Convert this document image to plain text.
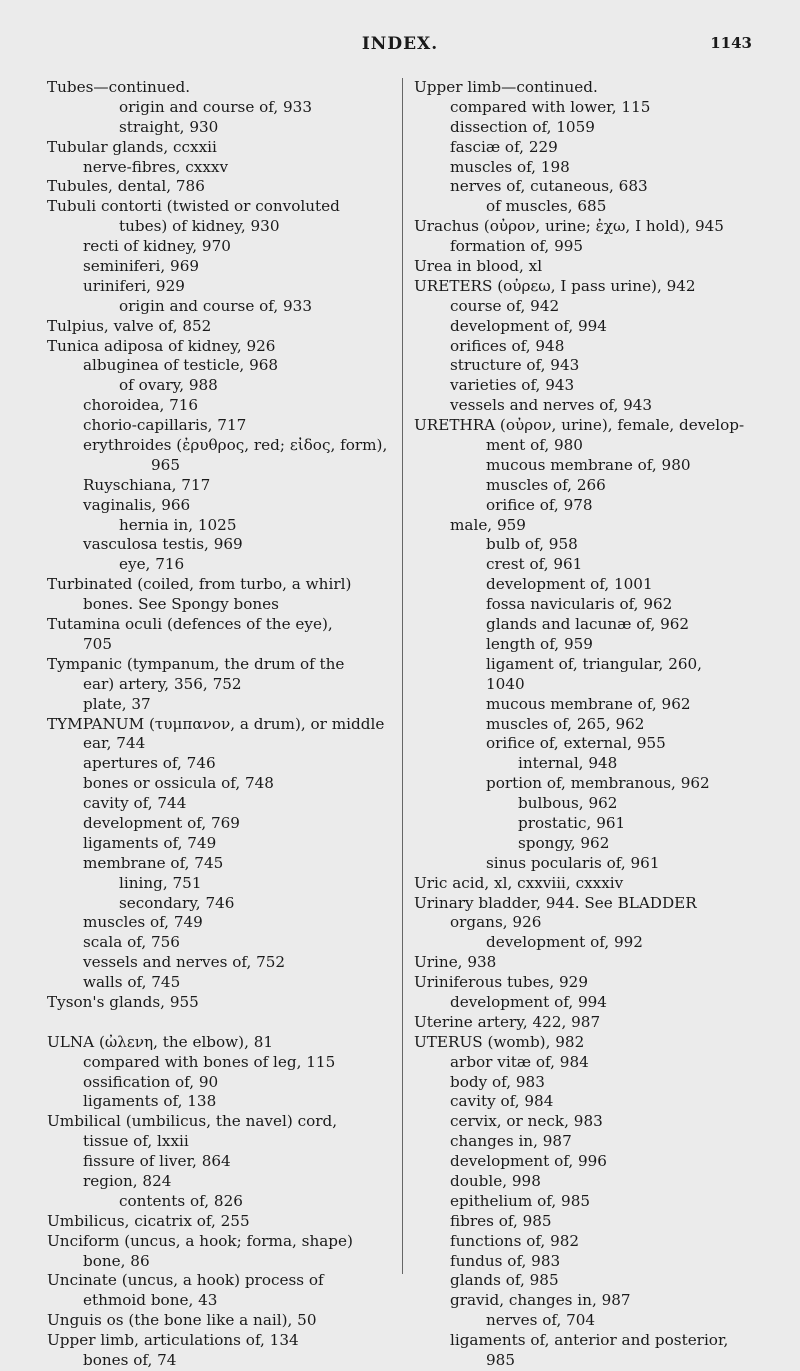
INDEX.	1143
Tubes—continued.
origin and course of, 933
straight, 930
Tubular glands, ccxxii
nerve-fibres, cxxxv
Tubules, dental, 786
Tubuli contorti (twisted or convoluted
tubes) of kidney, 930
recti of kidney, 970
seminiferi, 969
uriniferi, 929
origin and course of, 933
Tulpius, valve of, 852
Tunica adiposa of kidney, 926
albuginea of testicle, 968
of ovary, 988
choroidea, 716
chorio-capillaris, 717
erythroides (ἐρυθρος, red; εἰδος, form),
965
Ruyschiana, 717
vaginalis, 966
hernia in, 1025
vasculosa testis, 969
eye, 716
Turbinated (coiled, from turbo, a whirl)
bones. See Spongy bones
Tutamina oculi (defences of the eye),
705
Tympanic (tympanum, the drum of the
ear) artery, 356, 752
plate, 37
TYMPANUM (τυμπανον, a drum), or middle
ear, 744
apertures of, 746
bones or ossicula of, 748
cavity of, 744
development of, 769
ligaments of, 749
membrane of, 745
lining, 751
secondary, 746
muscles of, 749
scala of, 756
vessels and nerves of, 752
walls of, 745
Tyson's glands, 955
ULNA (ὠλενη, the elbow), 81
compared with bones of leg, 115
ossification of, 90
ligaments of, 138
Umbilical (umbilicus, the navel) cord,
tissue of, lxxii
fissure of liver, 864
region, 824
contents of, 826
Umbilicus, cicatrix of, 255
Unciform (uncus, a hook; forma, shape)
bone, 86
Uncinate (uncus, a hook) process of
ethmoid bone, 43
Unguis os (the bone like a nail), 50
Upper limb, articulations of, 134
bones of, 74
Upper limb—continued.
compared with lower, 115
dissection of, 1059
fasciæ of, 229
muscles of, 198
nerves of, cutaneous, 683
of muscles, 685
Urachus (οὐρον, urine; ἐχω, I hold), 945
formation of, 995
Urea in blood, xl
URETERS (οὐρεω, I pass urine), 942
course of, 942
development of, 994
orifices of, 948
structure of, 943
varieties of, 943
vessels and nerves of, 943
URETHRA (οὐρον, urine), female, develop-
ment of, 980
mucous membrane of, 980
muscles of, 266
orifice of, 978
male, 959
bulb of, 958
crest of, 961
development of, 1001
fossa navicularis of, 962
glands and lacunæ of, 962
length of, 959
ligament of, triangular, 260,
1040
mucous membrane of, 962
muscles of, 265, 962
orifice of, external, 955
internal, 948
portion of, membranous, 962
bulbous, 962
prostatic, 961
spongy, 962
sinus pocularis of, 961
Uric acid, xl, cxxviii, cxxxiv
Urinary bladder, 944. See BLADDER
organs, 926
development of, 992
Urine, 938
Uriniferous tubes, 929
development of, 994
Uterine artery, 422, 987
UTERUS (womb), 982
arbor vitæ of, 984
body of, 983
cavity of, 984
cervix, or neck, 983
changes in, 987
development of, 996
double, 998
epithelium of, 985
fibres of, 985
functions of, 982
fundus of, 983
glands of, 985
gravid, changes in, 987
nerves of, 704
ligaments of, anterior and posterior,
985
